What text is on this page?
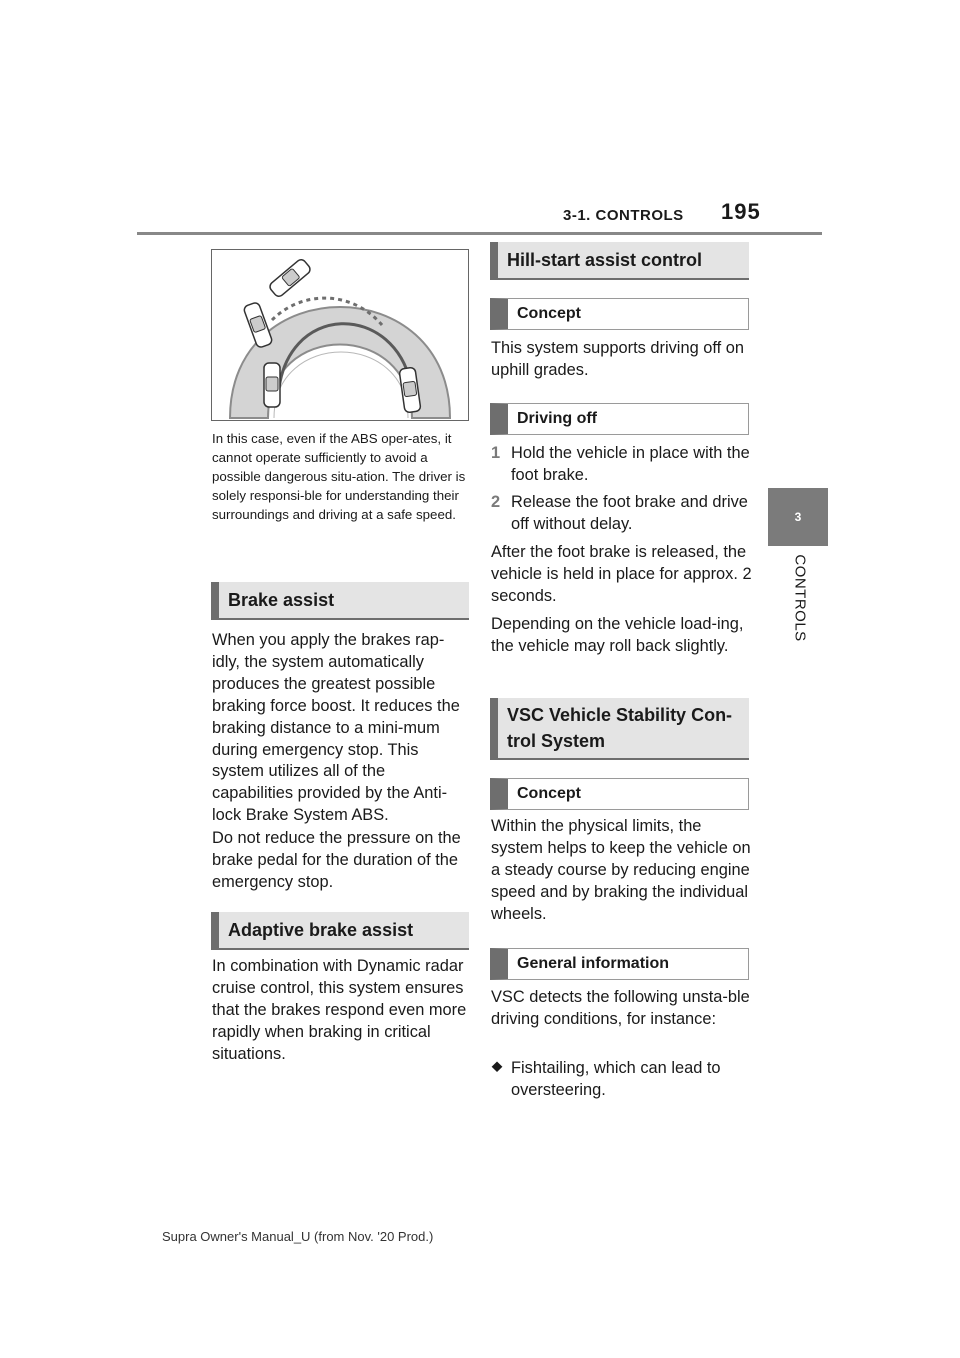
3-1. CONTROLS 195
3
CONTROLS
In this case, even if the ABS oper-ates, it cannot operate sufficiently to avoid a possible dangerous situ-ation. The driver is solely responsi-ble for understanding their surroundings and driving at a safe speed.
Brake assist
When you apply the brakes rap-idly, the system automatically produces the greatest possible braking force boost. It reduces the braking distance to a mini-mum during emergency stop. This system utilizes all of the capabilities provided by the Anti-lock Brake System ABS.
Do not reduce the pressure on the brake pedal for the duration of the emergency stop.
Adaptive brake assist
In combination with Dynamic radar cruise control, this system ensures that the brakes respond even more rapidly when braking in critical situations.
Hill-start assist control
Concept
This system supports driving off on uphill grades.
Driving off
1 Hold the vehicle in place with the foot brake.
2 Release the foot brake and drive off without delay.
After the foot brake is released, the vehicle is held in place for approx. 2 seconds.
Depending on the vehicle load-ing, the vehicle may roll back slightly.
VSC Vehicle Stability Con-trol System
Concept
Within the physical limits, the system helps to keep the vehicle on a steady course by reducing engine speed and by braking the individual wheels.
General information
VSC detects the following unsta-ble driving conditions, for instance:
⯁ Fishtailing, which can lead to oversteering.
Supra Owner's Manual_U (from Nov. '20 Prod.)
